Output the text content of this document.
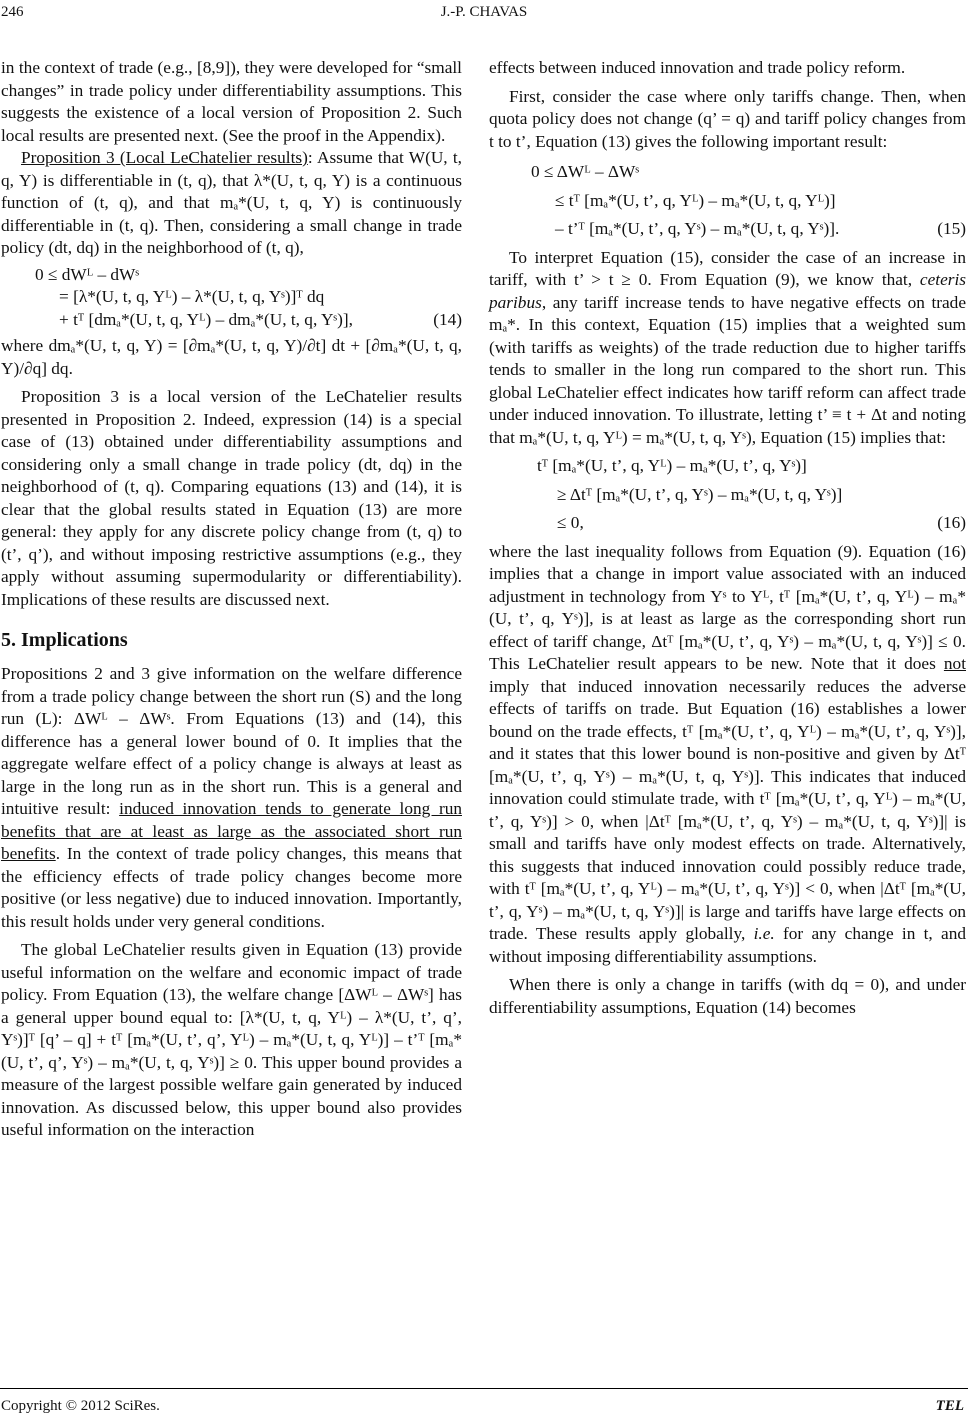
246	J.-P. CHAVAS

in the context of trade (e.g., [8,9]), they were developed for “small changes” in trade policy under differentiability assumptions. This suggests the existence of a local version of Proposition 2. Such local results are presented next. (See the proof in the Appendix).

Proposition 3 (Local LeChatelier results): Assume that W(U, t, q, Y) is differentiable in (t, q), that λ*(U, t, q, Y) is a continuous function of (t, q), and that mₐ*(U, t, q, Y) is continuously differentiable in (t, q). Then, considering a small change in trade policy (dt, dq) in the neighborhood of (t, q),

0 ≤ dWᴸ – dWˢ
= [λ*(U, t, q, Yᴸ) – λ*(U, t, q, Yˢ)]ᵀ dq
+ tᵀ [dmₐ*(U, t, q, Yᴸ) – dmₐ*(U, t, q, Yˢ)],	(14)

where dmₐ*(U, t, q, Y) = [∂mₐ*(U, t, q, Y)/∂t] dt + [∂mₐ*(U, t, q, Y)/∂q] dq.

Proposition 3 is a local version of the LeChatelier results presented in Proposition 2. Indeed, expression (14) is a special case of (13) obtained under differentiability assumptions and considering only a small change in trade policy (dt, dq) in the neighborhood of (t, q). Comparing equations (13) and (14), it is clear that the global results stated in Equation (13) are more general: they apply for any discrete policy change from (t, q) to (t’, q’), and without imposing restrictive assumptions (e.g., they apply without assuming supermodularity or differentiability). Implications of these results are discussed next.

5. Implications

Propositions 2 and 3 give information on the welfare difference from a trade policy change between the short run (S) and the long run (L): ΔWᴸ – ΔWˢ. From Equations (13) and (14), this difference has a general lower bound of 0. It implies that the aggregate welfare effect of a policy change is always at least as large in the long run as in the short run. This is a general and intuitive result: induced innovation tends to generate long run benefits that are at least as large as the associated short run benefits. In the context of trade policy changes, this means that the efficiency effects of trade policy changes become more positive (or less negative) due to induced innovation. Importantly, this result holds under very general conditions.

The global LeChatelier results given in Equation (13) provide useful information on the welfare and economic impact of trade policy. From Equation (13), the welfare change [ΔWᴸ – ΔWˢ] has a general upper bound equal to: [λ*(U, t, q, Yᴸ) – λ*(U, t’, q’, Yˢ)]ᵀ [q’ – q] + tᵀ [mₐ*(U, t’, q’, Yᴸ) – mₐ*(U, t, q, Yᴸ)] – t’ᵀ [mₐ*(U, t’, q’, Yˢ) – mₐ*(U, t, q, Yˢ)] ≥ 0. This upper bound provides a measure of the largest possible welfare gain generated by induced innovation. As discussed below, this upper bound also provides useful information on the interaction

effects between induced innovation and trade policy reform.

First, consider the case where only tariffs change. Then, when quota policy does not change (q’ = q) and tariff policy changes from t to t’, Equation (13) gives the following important result:

0 ≤ ΔWᴸ – ΔWˢ
≤ tᵀ [mₐ*(U, t’, q, Yᴸ) – mₐ*(U, t, q, Yᴸ)]
– t’ᵀ [mₐ*(U, t’, q, Yˢ) – mₐ*(U, t, q, Yˢ)].	(15)

To interpret Equation (15), consider the case of an increase in tariff, with t’ > t ≥ 0. From Equation (9), we know that, ceteris paribus, any tariff increase tends to have negative effects on trade mₐ*. In this context, Equation (15) implies that a weighted sum (with tariffs as weights) of the trade reduction due to higher tariffs tends to smaller in the long run compared to the short run. This global LeChatelier effect indicates how tariff reform can affect trade under induced innovation. To illustrate, letting t’ ≡ t + Δt and noting that mₐ*(U, t, q, Yᴸ) = mₐ*(U, t, q, Yˢ), Equation (15) implies that:

tᵀ [mₐ*(U, t’, q, Yᴸ) – mₐ*(U, t’, q, Yˢ)]
≥ Δtᵀ [mₐ*(U, t’, q, Yˢ) – mₐ*(U, t, q, Yˢ)]
≤ 0,	(16)

where the last inequality follows from Equation (9). Equation (16) implies that a change in import value associated with an induced adjustment in technology from Yˢ to Yᴸ, tᵀ [mₐ*(U, t’, q, Yᴸ) – mₐ*(U, t’, q, Yˢ)], is at least as large as the corresponding short run effect of tariff change, Δtᵀ [mₐ*(U, t’, q, Yˢ) – mₐ*(U, t, q, Yˢ)] ≤ 0. This LeChatelier result appears to be new. Note that it does not imply that induced innovation necessarily reduces the adverse effects of tariffs on trade. But Equation (16) establishes a lower bound on the trade effects, tᵀ [mₐ*(U, t’, q, Yᴸ) – mₐ*(U, t’, q, Yˢ)], and it states that this lower bound is non-positive and given by Δtᵀ [mₐ*(U, t’, q, Yˢ) – mₐ*(U, t, q, Yˢ)]. This indicates that induced innovation could stimulate trade, with tᵀ [mₐ*(U, t’, q, Yᴸ) – mₐ*(U, t’, q, Yˢ)] > 0, when |Δtᵀ [mₐ*(U, t’, q, Yˢ) – mₐ*(U, t, q, Yˢ)]| is small and tariffs have only modest effects on trade. Alternatively, this suggests that induced innovation could possibly reduce trade, with tᵀ [mₐ*(U, t’, q, Yᴸ) – mₐ*(U, t’, q, Yˢ)] < 0, when |Δtᵀ [mₐ*(U, t’, q, Yˢ) – mₐ*(U, t, q, Yˢ)]| is large and tariffs have large effects on trade. These results apply globally, i.e. for any change in t, and without imposing differentiability assumptions.

When there is only a change in tariffs (with dq = 0), and under differentiability assumptions, Equation (14) becomes

Copyright © 2012 SciRes.	TEL
